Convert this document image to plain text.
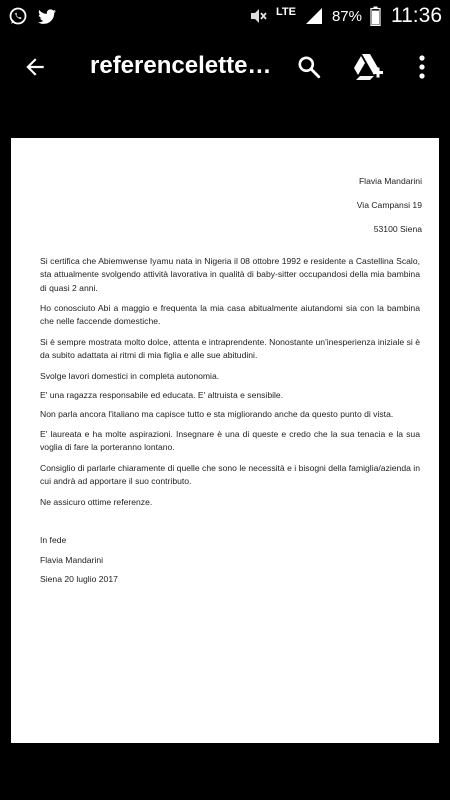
LTE 87% 11:36
referencelette…
Flavia Mandarini
Via Campansi 19
53100 Siena

Si certifica che Abiemwense Iyamu nata in Nigeria il 08 ottobre 1992 e residente a Castellina Scalo, sta attualmente svolgendo attività lavorativa in qualità di baby-sitter occupandosi della mia bambina di quasi 2 anni.

Ho conosciuto Abi a maggio e frequenta la mia casa abitualmente aiutandomi sia con la bambina che nelle faccende domestiche.

Si è sempre mostrata molto dolce, attenta e intraprendente. Nonostante un'inesperienza iniziale si è da subito adattata ai ritmi di mia figlia e alle sue abitudini.

Svolge lavori domestici in completa autonomia.

E' una ragazza responsabile ed educata. E' altruista e sensibile.

Non parla ancora l'italiano ma capisce tutto e sta migliorando anche da questo punto di vista.

E' laureata e ha molte aspirazioni. Insegnare è una di queste e credo che la sua tenacia e la sua voglia di fare la porteranno lontano.

Consiglio di parlarle chiaramente di quelle che sono le necessità e i bisogni della famiglia/azienda in cui andrà ad apportare il suo contributo.

Ne assicuro ottime referenze.

In fede
Flavia Mandarini
Siena 20 luglio 2017
